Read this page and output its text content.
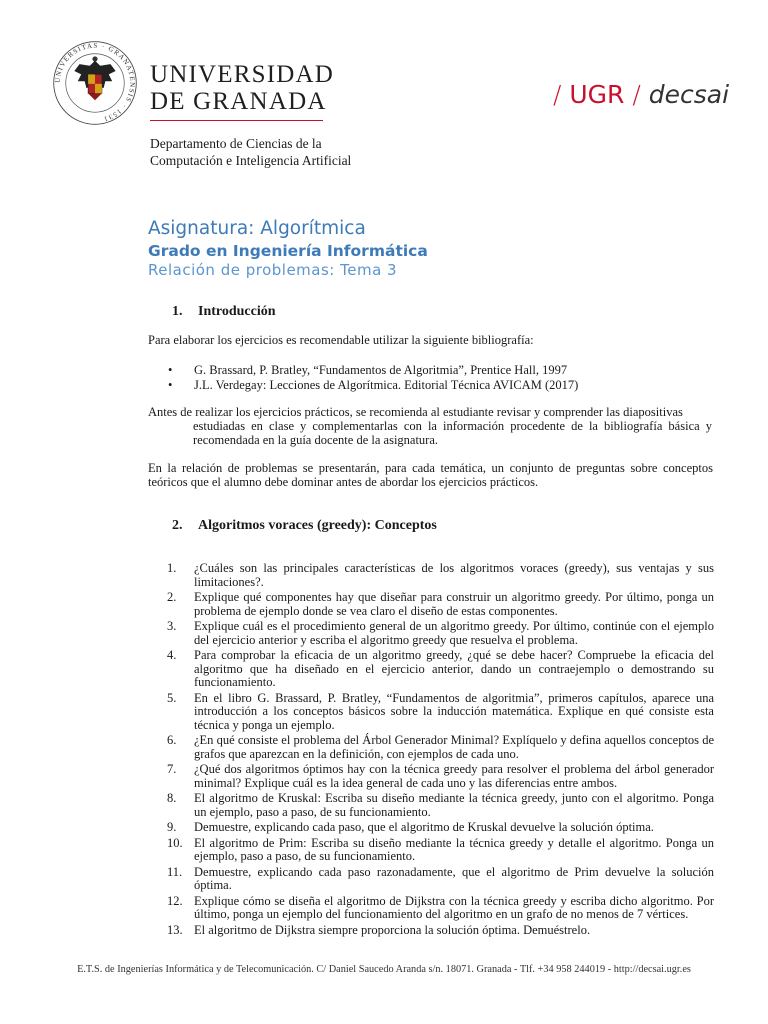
UNIVERSITAS · GRANATENSIS · 1531
UNIVERSIDAD
DE GRANADA	/ UGR / decsai
Departamento de Ciencias de la
Computación e Inteligencia Artificial
Asignatura: Algorítmica
Grado en Ingeniería Informática
Relación de problemas: Tema 3
1. Introducción
Para elaborar los ejercicios es recomendable utilizar la siguiente bibliografía:
• G. Brassard, P. Bratley, “Fundamentos de Algoritmia”, Prentice Hall, 1997
• J.L. Verdegay: Lecciones de Algorítmica. Editorial Técnica AVICAM (2017)
Antes de realizar los ejercicios prácticos, se recomienda al estudiante revisar y comprender las diapositivas
estudiadas en clase y complementarlas con la información procedente de la bibliografía básica y recomendada en la guía docente de la asignatura.
En la relación de problemas se presentarán, para cada temática, un conjunto de preguntas sobre conceptos teóricos que el alumno debe dominar antes de abordar los ejercicios prácticos.
2. Algoritmos voraces (greedy): Conceptos
1.	¿Cuáles son las principales características de los algoritmos voraces (greedy), sus ventajas y sus limitaciones?.
2.	Explique qué componentes hay que diseñar para construir un algoritmo greedy. Por último, ponga un problema de ejemplo donde se vea claro el diseño de estas componentes.
3.	Explique cuál es el procedimiento general de un algoritmo greedy. Por último, continúe con el ejemplo del ejercicio anterior y escriba el algoritmo greedy que resuelva el problema.
4.	Para comprobar la eficacia de un algoritmo greedy, ¿qué se debe hacer? Compruebe la eficacia del algoritmo que ha diseñado en el ejercicio anterior, dando un contraejemplo o demostrando su funcionamiento.
5.	En el libro G. Brassard, P. Bratley, “Fundamentos de algoritmia”, primeros capítulos, aparece una introducción a los conceptos básicos sobre la inducción matemática. Explique en qué consiste esta técnica y ponga un ejemplo.
6.	¿En qué consiste el problema del Árbol Generador Minimal? Explíquelo y defina aquellos conceptos de grafos que aparezcan en la definición, con ejemplos de cada uno.
7.	¿Qué dos algoritmos óptimos hay con la técnica greedy para resolver el problema del árbol generador minimal? Explique cuál es la idea general de cada uno y las diferencias entre ambos.
8.	El algoritmo de Kruskal: Escriba su diseño mediante la técnica greedy, junto con el algoritmo. Ponga un ejemplo, paso a paso, de su funcionamiento.
9.	Demuestre, explicando cada paso, que el algoritmo de Kruskal devuelve la solución óptima.
10. El algoritmo de Prim: Escriba su diseño mediante la técnica greedy y detalle el algoritmo. Ponga un ejemplo, paso a paso, de su funcionamiento.
11. Demuestre, explicando cada paso razonadamente, que el algoritmo de Prim devuelve la solución óptima.
12. Explique cómo se diseña el algoritmo de Dijkstra con la técnica greedy y escriba dicho algoritmo. Por último, ponga un ejemplo del funcionamiento del algoritmo en un grafo de no menos de 7 vértices.
13. El algoritmo de Dijkstra siempre proporciona la solución óptima. Demuéstrelo.
E.T.S. de Ingenierías Informática y de Telecomunicación. C/ Daniel Saucedo Aranda s/n. 18071. Granada - Tlf. +34 958 244019 - http://decsai.ugr.es
